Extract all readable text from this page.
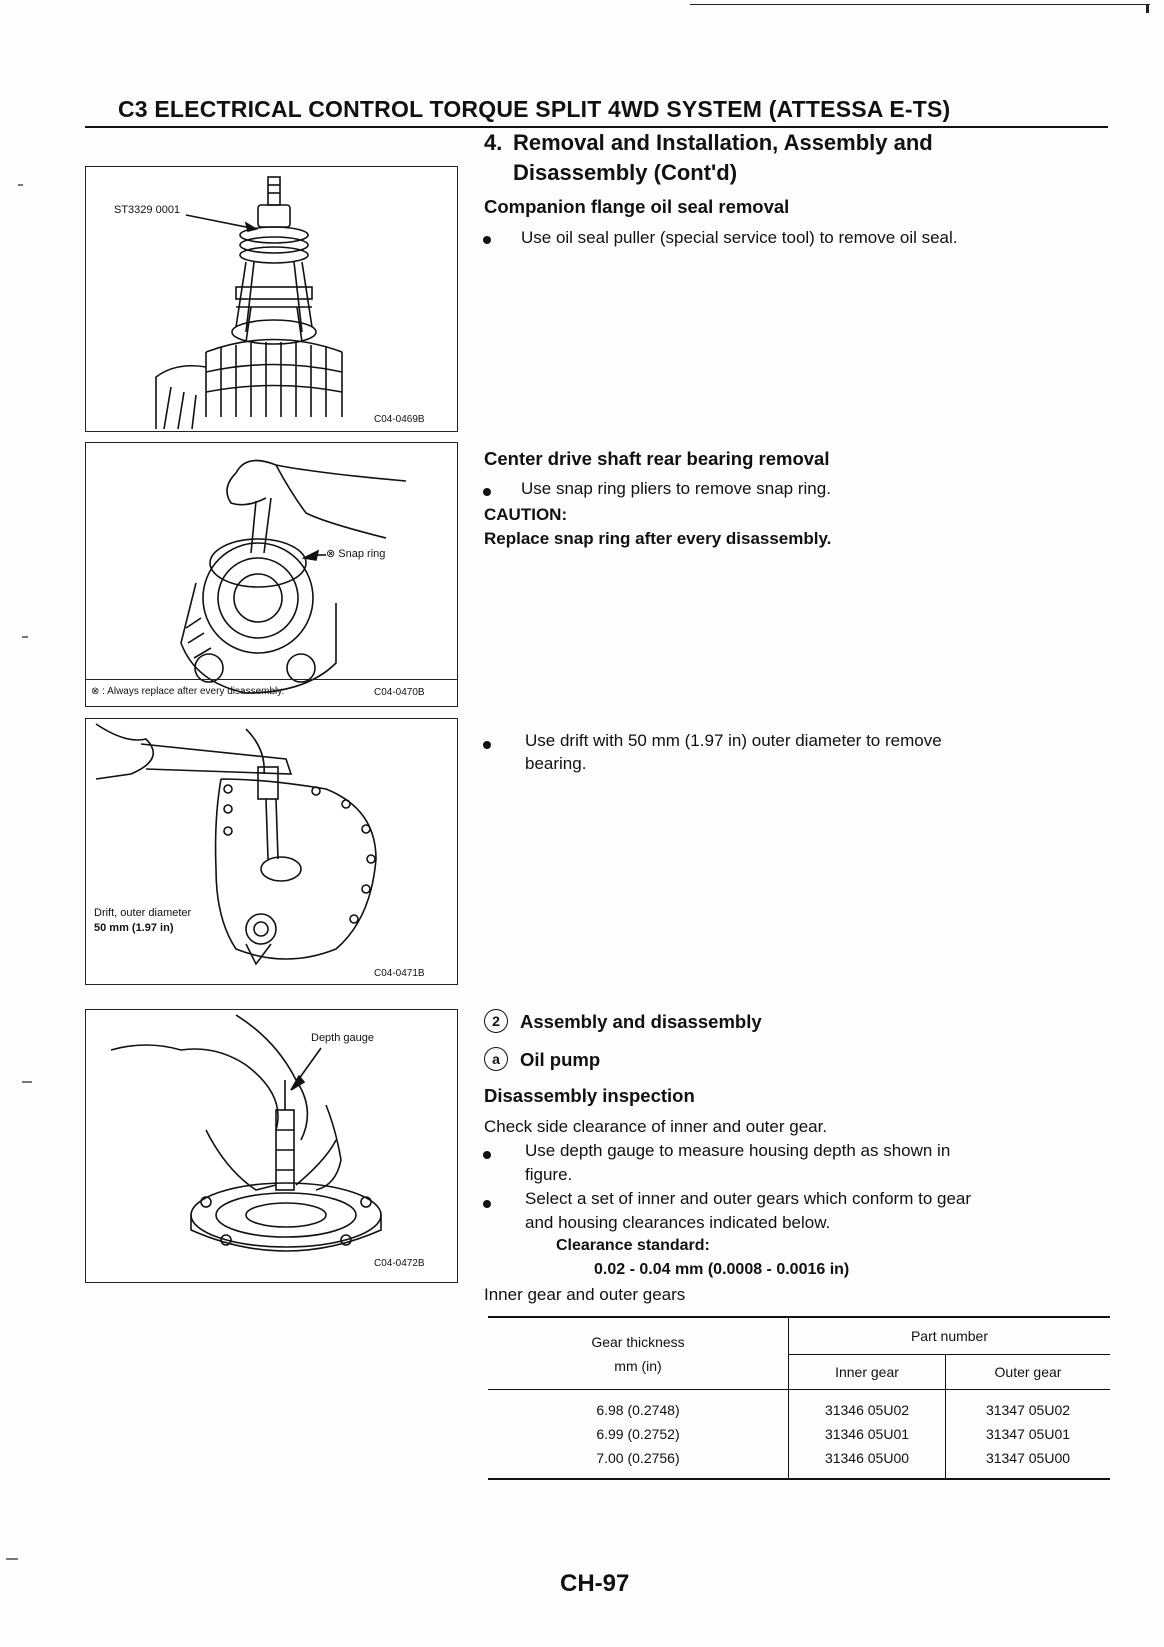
C3 ELECTRICAL CONTROL TORQUE SPLIT 4WD SYSTEM (ATTESSA E-TS)
4. Removal and Installation, Assembly and
Disassembly (Cont'd)
ST3329 0001
C04-0469B
⊗ Snap ring
⊗ : Always replace after every disassembly.	C04-0470B
Drift, outer diameter
50 mm (1.97 in)
C04-0471B
Depth gauge
C04-0472B
Companion flange oil seal removal
Use oil seal puller (special service tool) to remove oil seal.
Center drive shaft rear bearing removal
Use snap ring pliers to remove snap ring.
CAUTION:
Replace snap ring after every disassembly.
Use drift with 50 mm (1.97 in) outer diameter to remove
bearing.
2 Assembly and disassembly
a Oil pump
Disassembly inspection
Check side clearance of inner and outer gear.
Use depth gauge to measure housing depth as shown in
figure.
Select a set of inner and outer gears which conform to gear
and housing clearances indicated below.
Clearance standard:
0.02 - 0.04 mm (0.0008 - 0.0016 in)
Inner gear and outer gears
Gear thickness
mm (in)	Part number	
	Inner gear	Outer gear
6.98 (0.2748)	31346 05U02	31347 05U02
6.99 (0.2752)	31346 05U01	31347 05U01
7.00 (0.2756)	31346 05U00	31347 05U00
CH-97
